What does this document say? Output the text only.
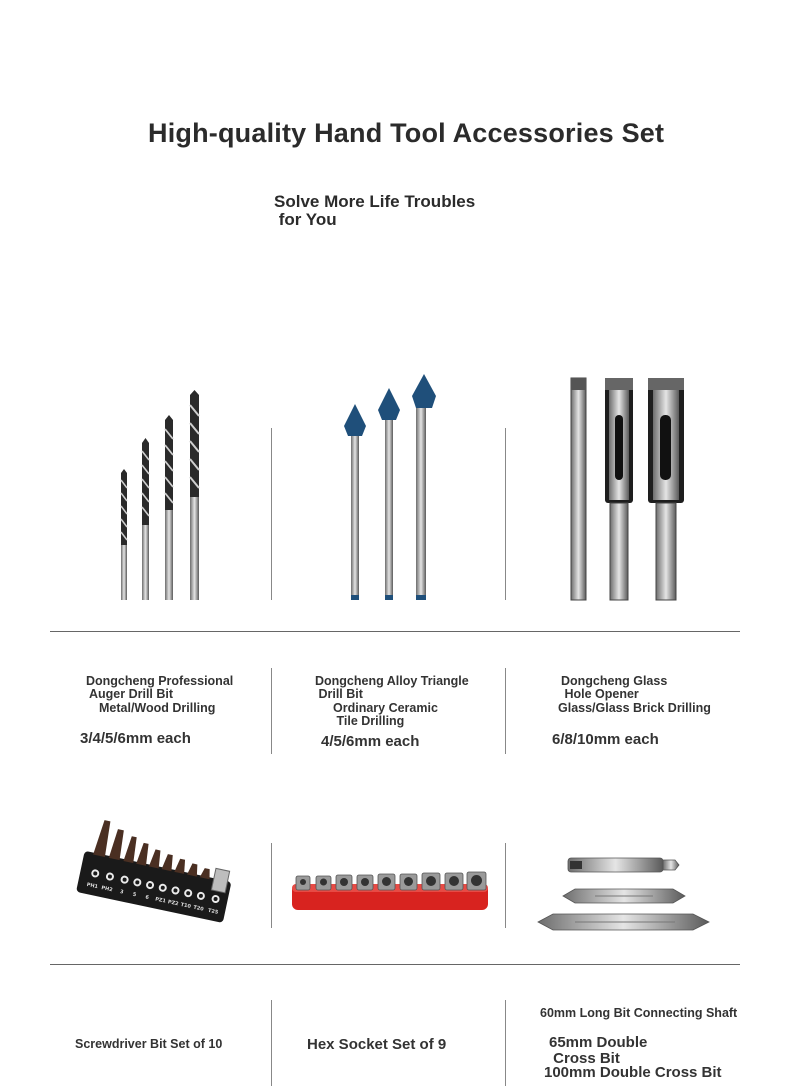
High-quality Hand Tool Accessories Set
Solve More Life Troubles
for You
Dongcheng Professional
Auger Drill Bit
Metal/Wood Drilling
3/4/5/6mm each
Dongcheng Alloy Triangle
Drill Bit
Ordinary Ceramic
Tile Drilling
4/5/6mm each
Dongcheng Glass
Hole Opener
Glass/Glass Brick Drilling
6/8/10mm each
PH1 PH2 3 5 6 PZ1 PZ2 T10 T20 T25
Screwdriver Bit Set of 10	Hex Socket Set of 9
60mm Long Bit Connecting Shaft
65mm Double
Cross Bit
100mm Double Cross Bit
